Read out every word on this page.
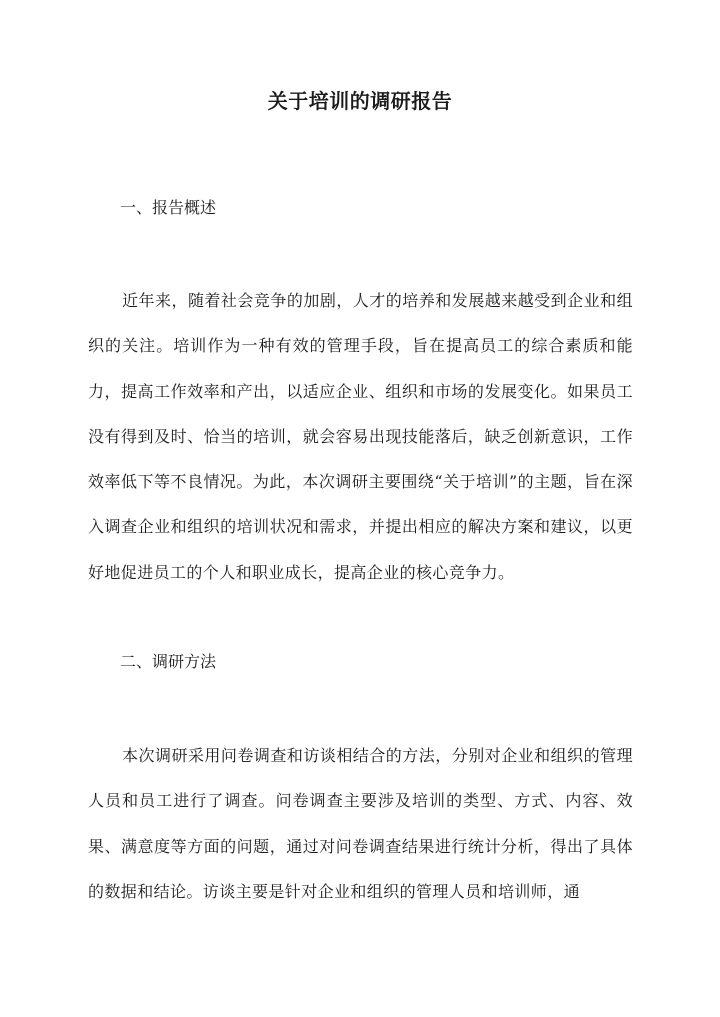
关于培训的调研报告
一、报告概述
近年来，随着社会竞争的加剧，人才的培养和发展越来越受到企业和组织的关注。培训作为一种有效的管理手段，旨在提高员工的综合素质和能力，提高工作效率和产出，以适应企业、组织和市场的发展变化。如果员工没有得到及时、恰当的培训，就会容易出现技能落后，缺乏创新意识，工作效率低下等不良情况。为此，本次调研主要围绕“关于培训”的主题，旨在深入调查企业和组织的培训状况和需求，并提出相应的解决方案和建议，以更好地促进员工的个人和职业成长，提高企业的核心竞争力。
二、调研方法
本次调研采用问卷调查和访谈相结合的方法，分别对企业和组织的管理人员和员工进行了调查。问卷调查主要涉及培训的类型、方式、内容、效果、满意度等方面的问题，通过对问卷调查结果进行统计分析，得出了具体的数据和结论。访谈主要是针对企业和组织的管理人员和培训师，通
